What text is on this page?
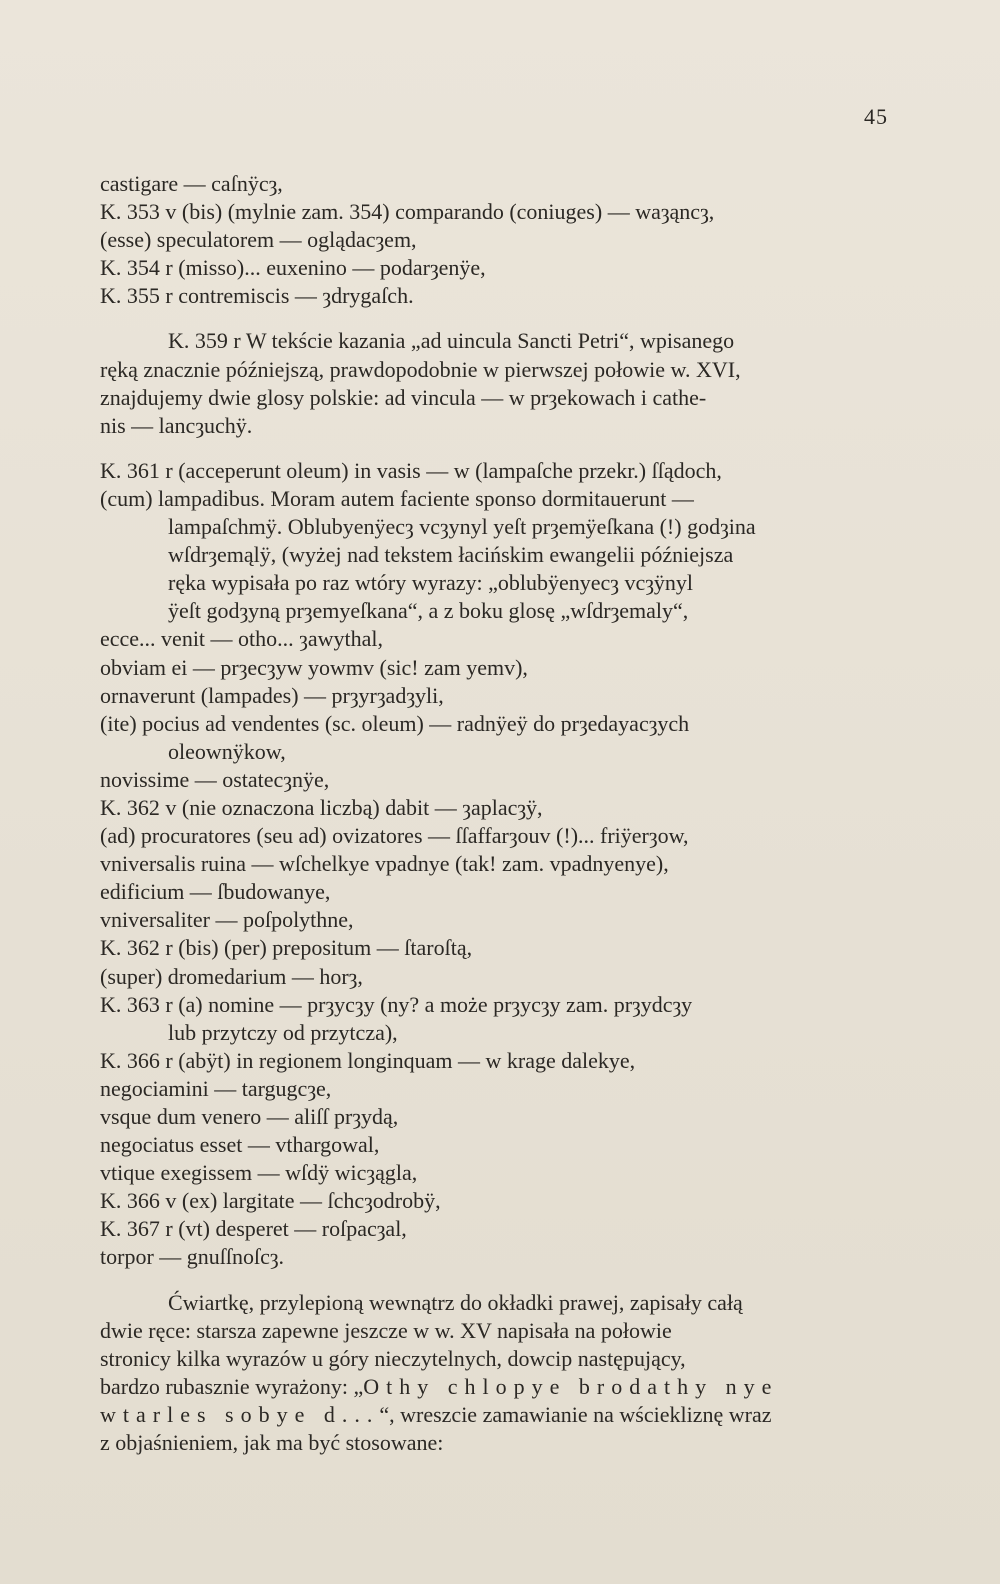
45
castigare — caſnÿcȝ,
K. 353 v (bis) (mylnie zam. 354) comparando (coniuges) — waȝąncȝ,
(esse) speculatorem — oglądacȝem,
K. 354 r (misso)... euxenino — podarȝenÿe,
K. 355 r contremiscis — ȝdrygaſch.
K. 359 r W tekście kazania „ad uincula Sancti Petri“, wpisanego
ręką znacznie późniejszą, prawdopodobnie w pierwszej połowie w. XVI,
znajdujemy dwie glosy polskie: ad vincula — w prȝekowach i cathe-
nis — lancȝuchÿ.
K. 361 r (acceperunt oleum) in vasis — w (lampaſche przekr.) ſſądoch,
(cum) lampadibus. Moram autem faciente sponso dormitauerunt —
lampaſchmÿ. Oblubyenÿecȝ vcȝynyl yeſt prȝemÿeſkana (!) godȝina
wſdrȝemąlÿ, (wyżej nad tekstem łacińskim ewangelii późniejsza
ręka wypisała po raz wtóry wyrazy: „oblubÿenyecȝ vcȝÿnyl
ÿeſt godȝyną prȝemyeſkana“, a z boku glosę „wſdrȝemaly“,
ecce... venit — otho... ȝawythal,
obviam ei — prȝecȝyw yowmv (sic! zam yemv),
ornaverunt (lampades) — prȝyrȝadȝyli,
(ite) pocius ad vendentes (sc. oleum) — radnÿeÿ do prȝedayacȝych
oleownÿkow,
novissime — ostatecȝnÿe,
K. 362 v (nie oznaczona liczbą) dabit — ȝaplacȝÿ,
(ad) procuratores (seu ad) ovizatores — ſſaffarȝouv (!)... friÿerȝow,
vniversalis ruina — wſchelkye vpadnye (tak! zam. vpadnyenye),
edificium — ſbudowanye,
vniversaliter — poſpolythne,
K. 362 r (bis) (per) prepositum — ſtaroſtą,
(super) dromedarium — horȝ,
K. 363 r (a) nomine — prȝycȝy (ny? a może prȝycȝy zam. prȝydcȝy
lub przytczy od przytcza),
K. 366 r (abÿt) in regionem longinquam — w krage dalekye,
negociamini — targugcȝe,
vsque dum venero — aliſſ prȝydą,
negociatus esset — vthargowal,
vtique exegissem — wſdÿ wicȝągla,
K. 366 v (ex) largitate — ſchcȝodrobÿ,
K. 367 r (vt) desperet — roſpacȝal,
torpor — gnuſſnoſcȝ.
Ćwiartkę, przylepioną wewnątrz do okładki prawej, zapisały całą
dwie ręce: starsza zapewne jeszcze w w. XV napisała na połowie
stronicy kilka wyrazów u góry nieczytelnych, dowcip następujący,
bardzo rubasznie wyrażony: „Othy chlopye brodathy nye
wtarles sobye d...“, wreszcie zamawianie na wściekliznę wraz
z objaśnieniem, jak ma być stosowane:
